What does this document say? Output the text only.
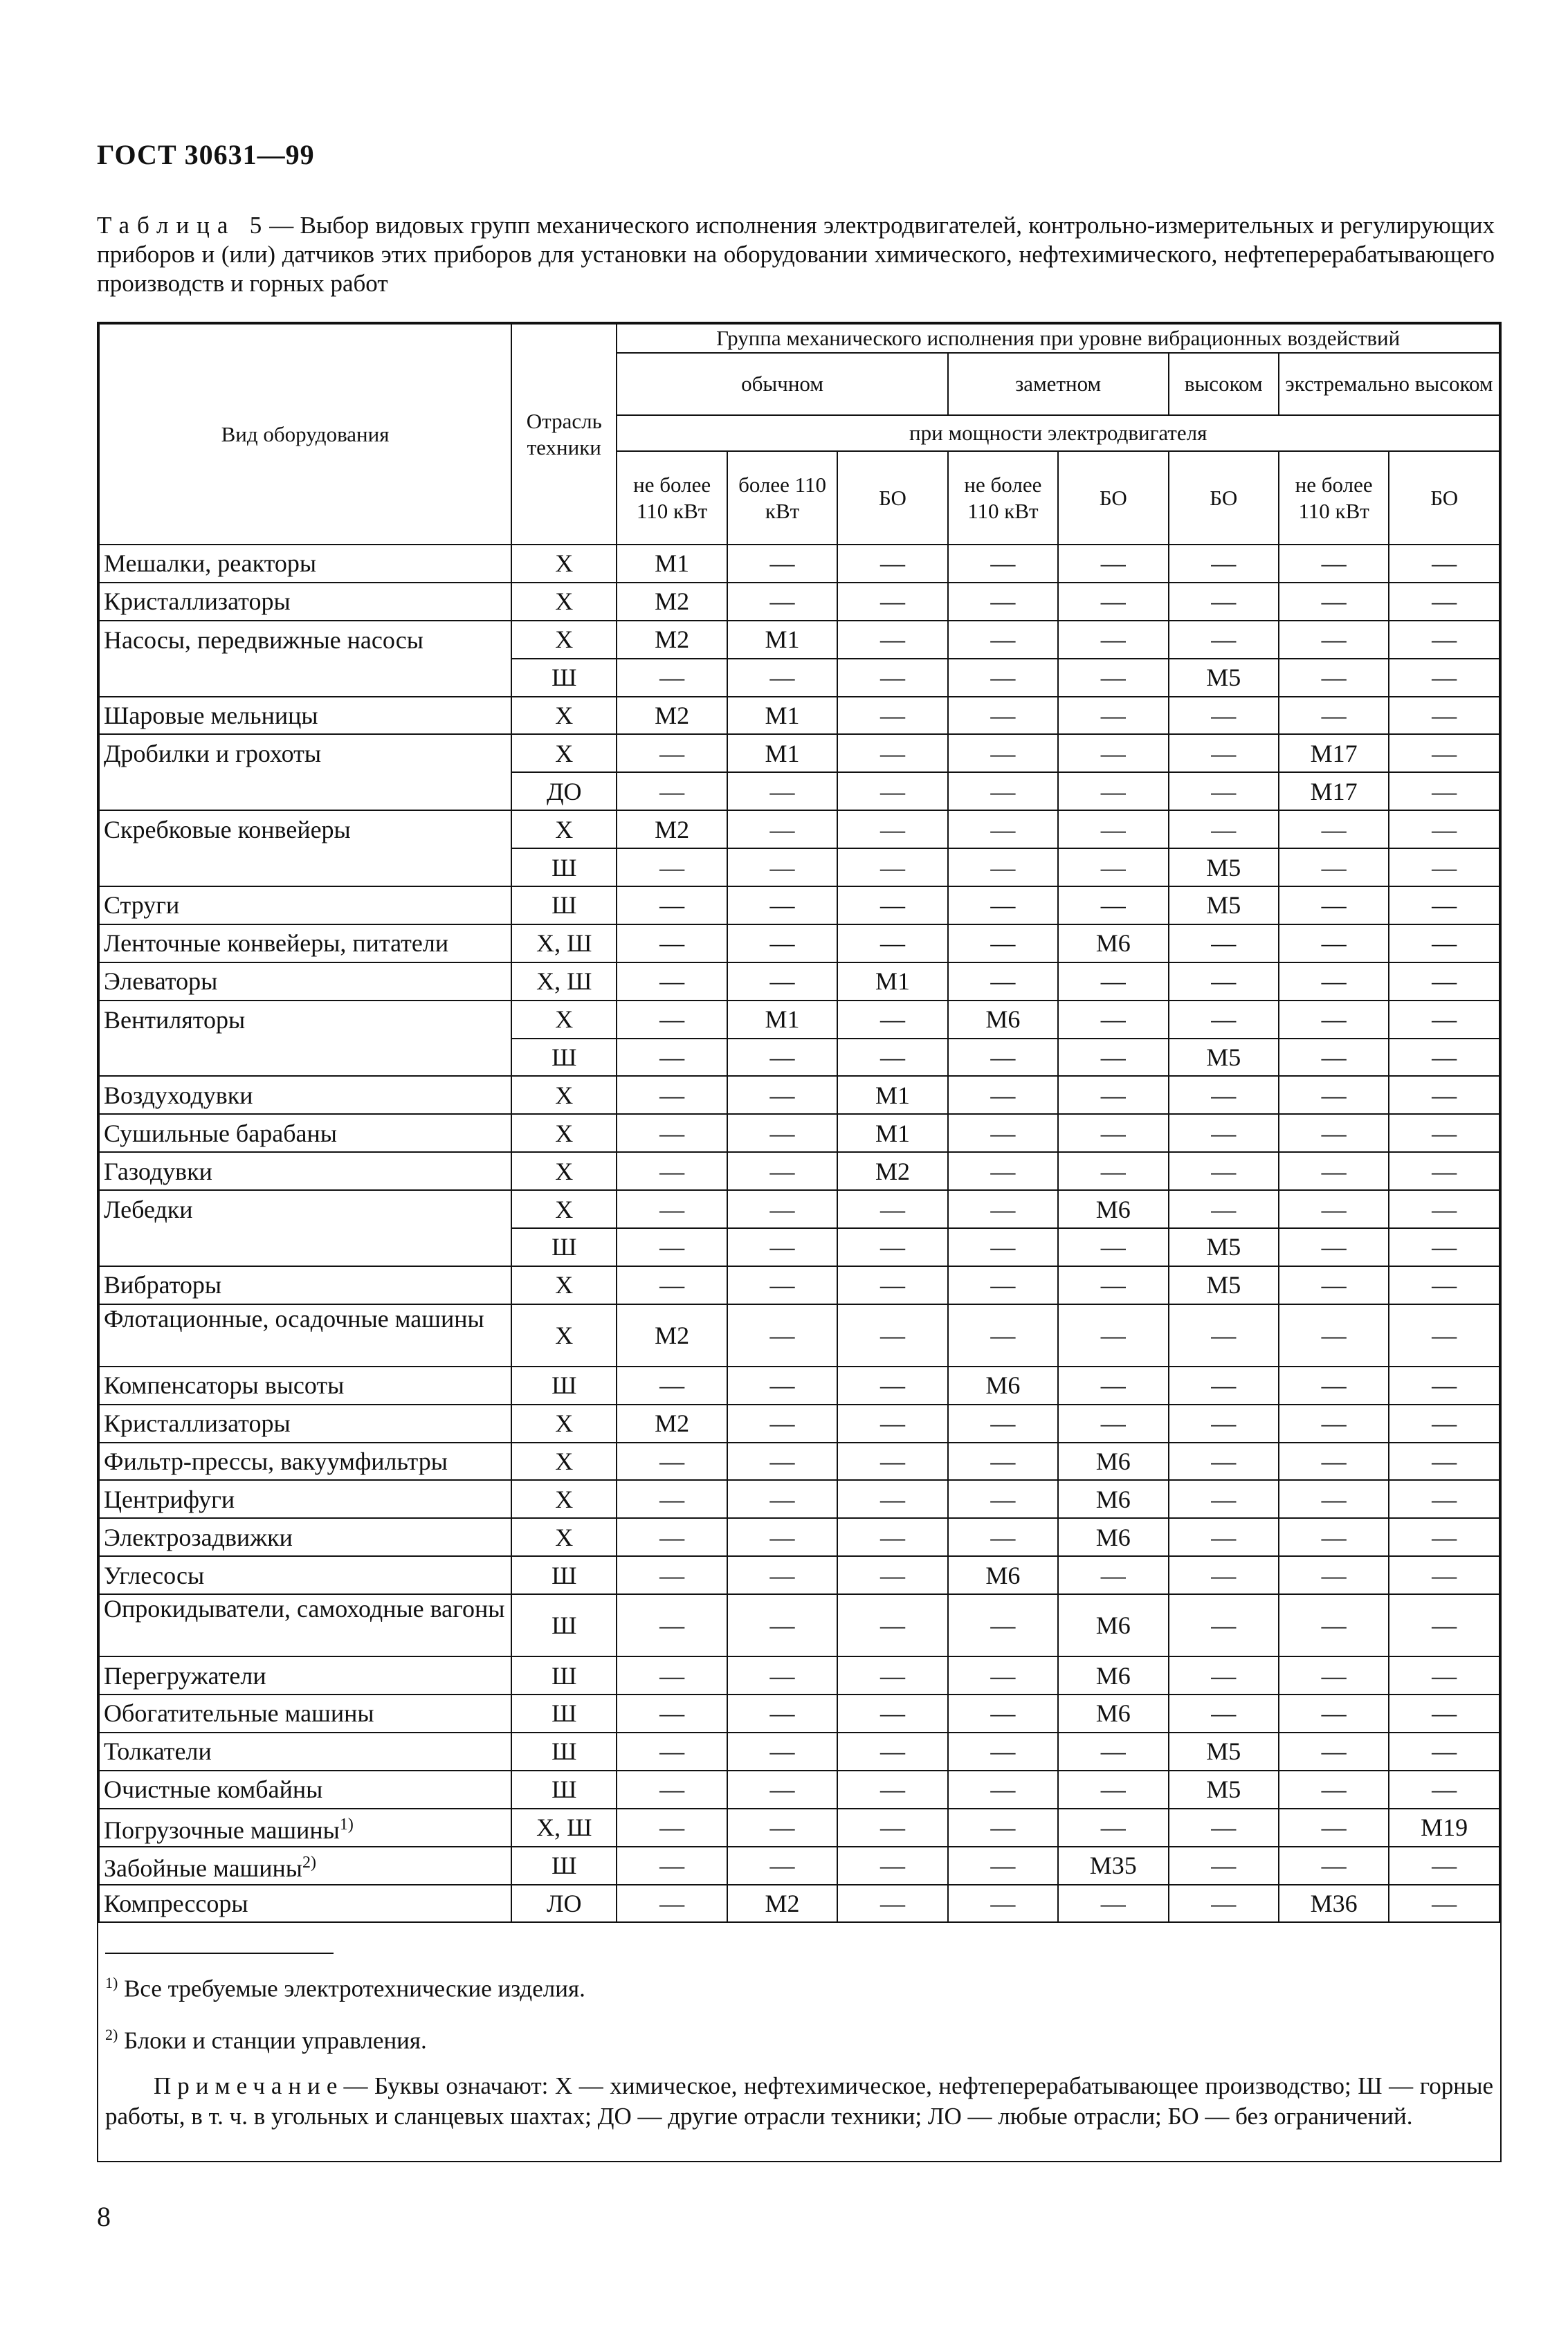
ГОСТ 30631—99
Таблица 5— Выбор видовых групп механического исполнения электродвигателей, контрольно-измерительных и регулирующих приборов и (или) датчиков этих приборов для установки на оборудовании химического, нефтехимического, нефтеперерабатывающего производств и горных работ
Вид оборудования	Отрасль техники	Группа механического исполнения при уровне вибрационных воздействий							
		обычном			заметном		высоком	экстремально высоком	
		при мощности электродвигателя							
		не более 110 кВт	более 110 кВт	БО	не более 110 кВт	БО	БО	не более 110 кВт	БО
Мешалки, реакторы	Х	М1	—	—	—	—	—	—	—
Кристаллизаторы	Х	М2	—	—	—	—	—	—	—
Насосы, передвижные насосы	Х	М2	М1	—	—	—	—	—	—
	Ш	—	—	—	—	—	М5	—	—
Шаровые мельницы	Х	М2	М1	—	—	—	—	—	—
Дробилки и грохоты	Х	—	М1	—	—	—	—	М17	—
	ДО	—	—	—	—	—	—	М17	—
Скребковые конвейеры	Х	М2	—	—	—	—	—	—	—
	Ш	—	—	—	—	—	М5	—	—
Струги	Ш	—	—	—	—	—	М5	—	—
Ленточные конвейеры, питатели	Х, Ш	—	—	—	—	М6	—	—	—
Элеваторы	Х, Ш	—	—	М1	—	—	—	—	—
Вентиляторы	Х	—	М1	—	М6	—	—	—	—
	Ш	—	—	—	—	—	М5	—	—
Воздуходувки	Х	—	—	М1	—	—	—	—	—
Сушильные барабаны	Х	—	—	М1	—	—	—	—	—
Газодувки	Х	—	—	М2	—	—	—	—	—
Лебедки	Х	—	—	—	—	М6	—	—	—
	Ш	—	—	—	—	—	М5	—	—
Вибраторы	Х	—	—	—	—	—	М5	—	—
Флотационные, осадочные машины	Х	М2	—	—	—	—	—	—	—
Компенсаторы высоты	Ш	—	—	—	М6	—	—	—	—
Кристаллизаторы	Х	М2	—	—	—	—	—	—	—
Фильтр-прессы, вакуумфильтры	Х	—	—	—	—	М6	—	—	—
Центрифуги	Х	—	—	—	—	М6	—	—	—
Электрозадвижки	Х	—	—	—	—	М6	—	—	—
Углесосы	Ш	—	—	—	М6	—	—	—	—
Опрокидыватели, самоходные вагоны	Ш	—	—	—	—	М6	—	—	—
Перегружатели	Ш	—	—	—	—	М6	—	—	—
Обогатительные машины	Ш	—	—	—	—	М6	—	—	—
Толкатели	Ш	—	—	—	—	—	М5	—	—
Очистные комбайны	Ш	—	—	—	—	—	М5	—	—
Погрузочные машины$^{1)}$	Х, Ш	—	—	—	—	—	—	—	М19
Забойные машины$^{2)}$	Ш	—	—	—	—	М35	—	—	—
Компрессоры	ЛО	—	М2	—	—	—	—	М36	—

$^{1)}$ Все требуемые электротехнические изделия.

$^{2)}$ Блоки и станции управления.

Примечание— Буквы означают: Х — химическое, нефтехимическое, нефтеперерабатывающее производство; Ш — горные работы, в т. ч. в угольных и сланцевых шахтах; ДО — другие отрасли техники; ЛО — любые отрасли; БО — без ограничений.

8
